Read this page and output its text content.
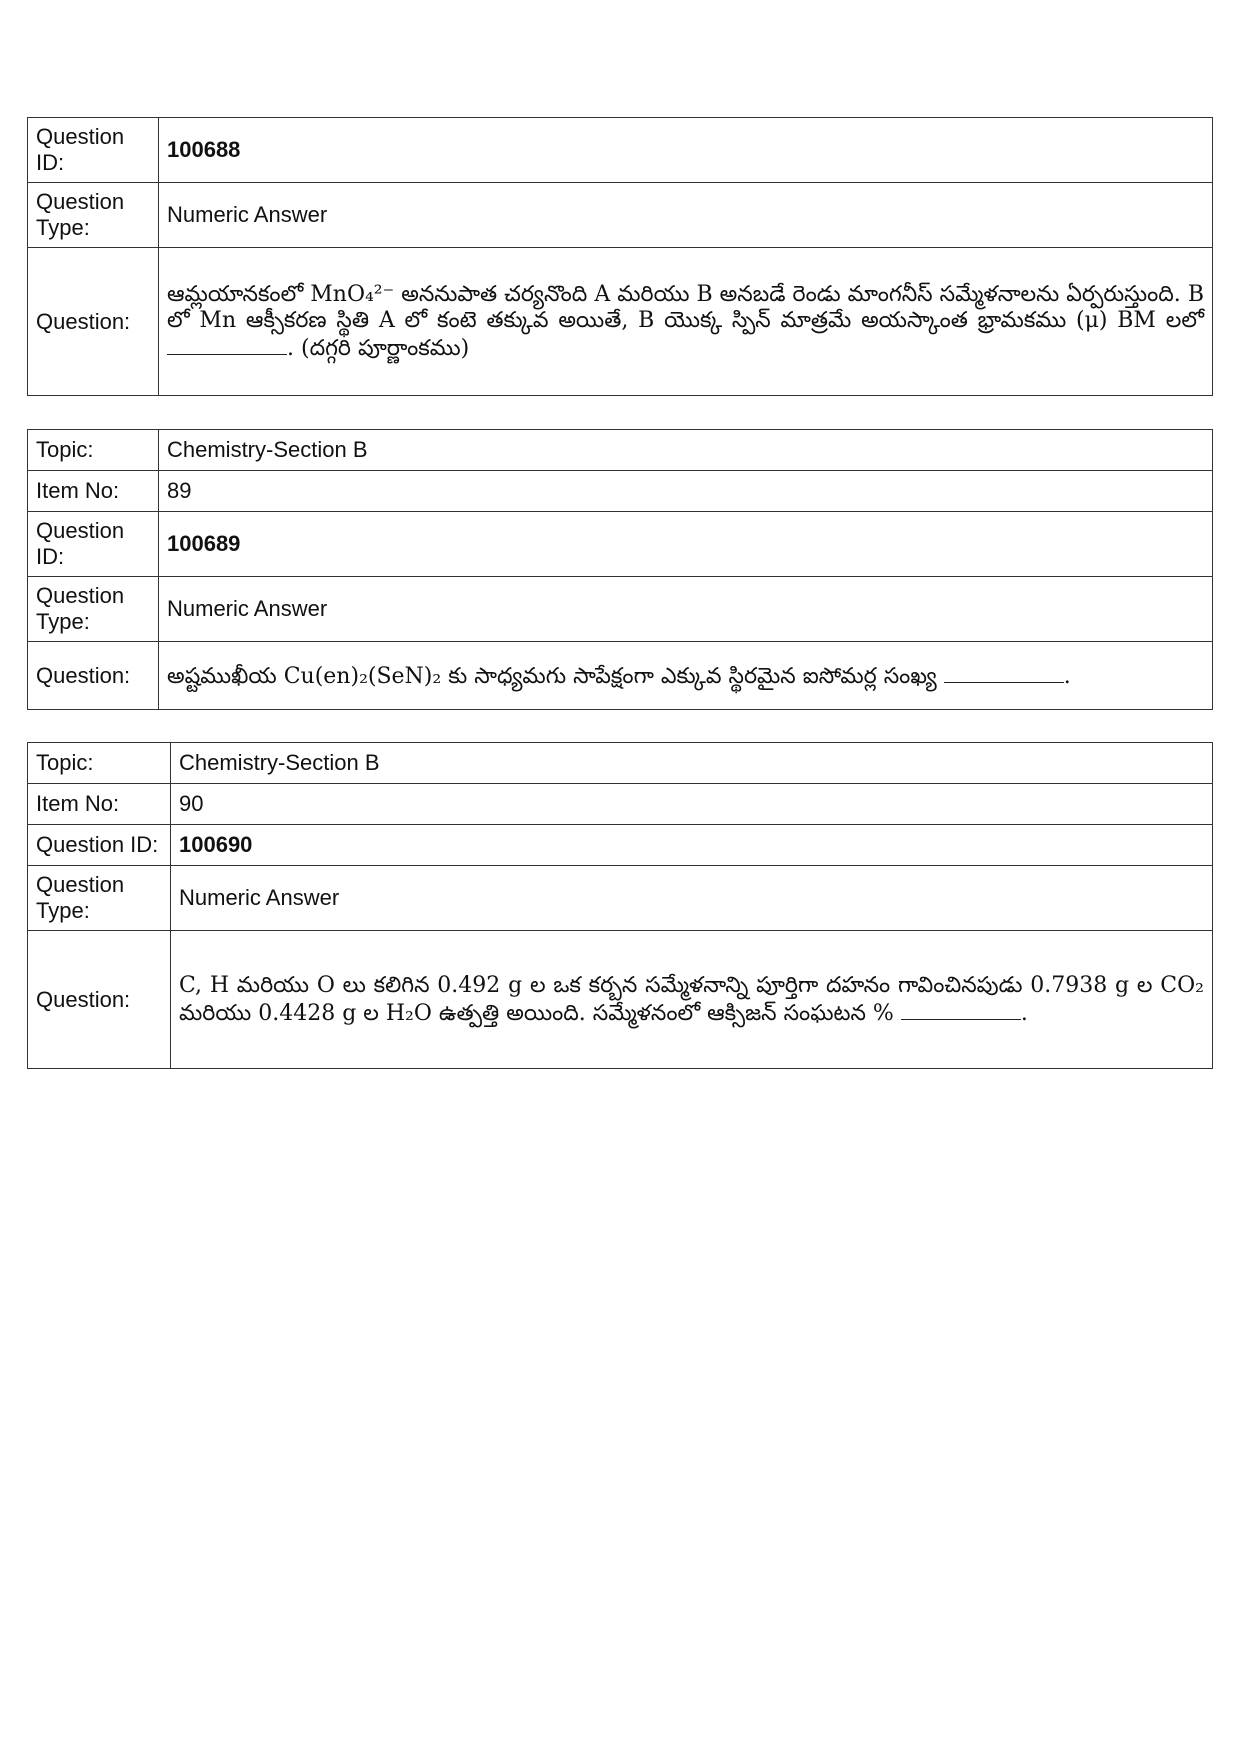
Question ID:	100688
Question Type:	Numeric Answer
Question:	ఆమ్లయానకంలో MnO₄²⁻ అననుపాత చర్యనొంది A మరియు B అనబడే రెండు మాంగనీస్ సమ్మేళనాలను ఏర్పరుస్తుంది. B లో Mn ఆక్సీకరణ స్థితి A లో కంటె తక్కువ అయితే, B యొక్క స్పిన్ మాత్రమే అయస్కాంత భ్రామకము (μ) BM లలో . (దగ్గరి పూర్ణాంకము)
Topic:	Chemistry-Section B
Item No:	89
Question ID:	100689
Question Type:	Numeric Answer
Question:	అష్టముఖీయ Cu(en)₂(SeN)₂ కు సాధ్యమగు సాపేక్షంగా ఎక్కువ స్థిరమైన ఐసోమర్ల సంఖ్య .
Topic:	Chemistry-Section B
Item No:	90
Question ID:	100690
Question Type:	Numeric Answer
Question:	C, H మరియు O లు కలిగిన 0.492 g ల ఒక కర్బన సమ్మేళనాన్ని పూర్తిగా దహనం గావించినపుడు 0.7938 g ల CO₂ మరియు 0.4428 g ల H₂O ఉత్పత్తి అయింది. సమ్మేళనంలో ఆక్సిజన్ సంఘటన % .
